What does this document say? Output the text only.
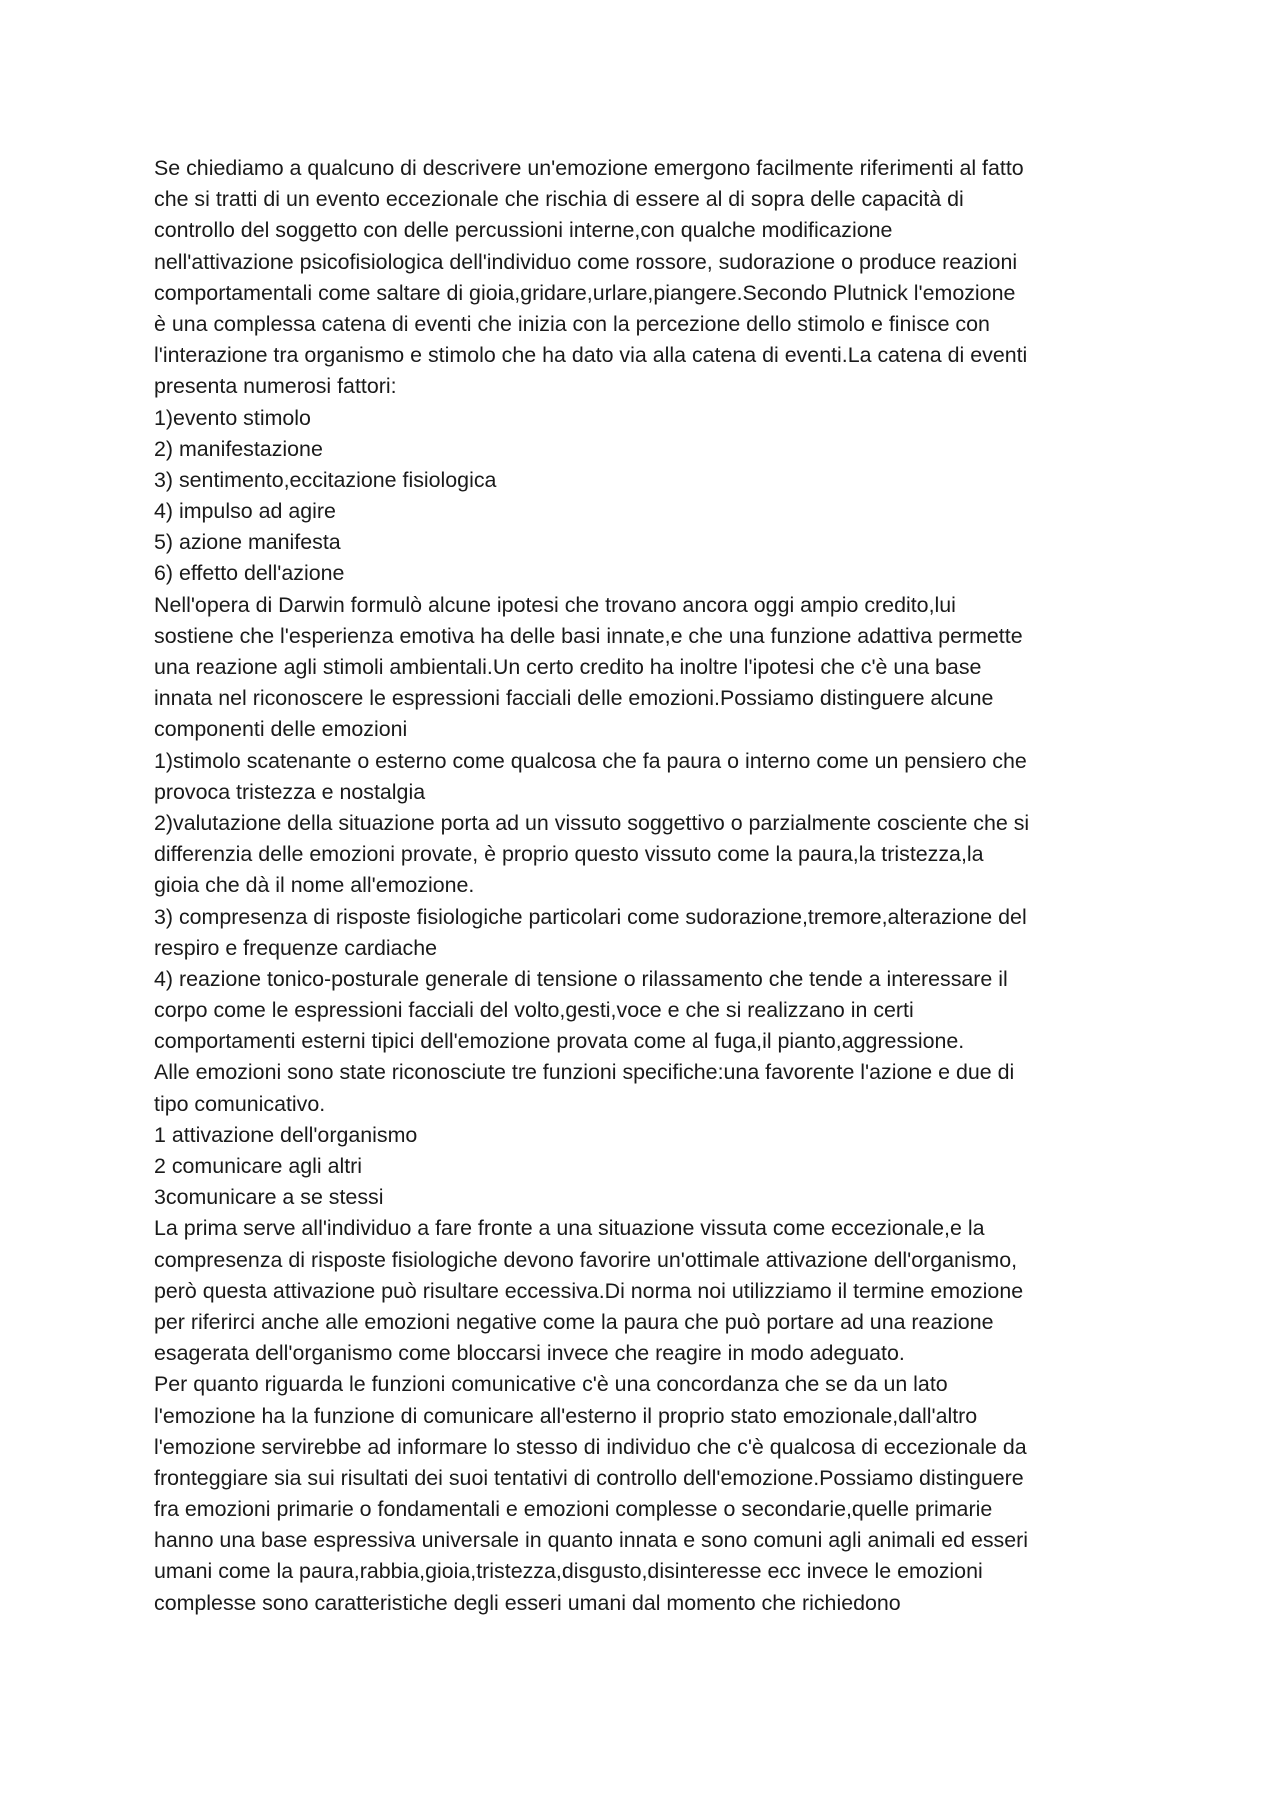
Se chiediamo a qualcuno di descrivere un'emozione emergono facilmente riferimenti al fatto
che si tratti di un evento eccezionale che rischia di essere al di sopra delle capacità di
controllo del soggetto con delle percussioni interne,con qualche modificazione
nell'attivazione psicofisiologica dell'individuo come rossore, sudorazione o produce reazioni
comportamentali come saltare di gioia,gridare,urlare,piangere.Secondo Plutnick l'emozione
è una complessa catena di eventi che inizia con la percezione dello stimolo e finisce con
l'interazione tra organismo e stimolo che ha dato via alla catena di eventi.La catena di eventi
presenta numerosi fattori:
1)evento stimolo
2) manifestazione
3) sentimento,eccitazione fisiologica
4) impulso ad agire
5) azione manifesta
6) effetto dell'azione
Nell'opera di Darwin formulò alcune ipotesi che trovano ancora oggi ampio credito,lui
sostiene che l'esperienza emotiva ha delle basi innate,e che una funzione adattiva permette
una reazione agli stimoli ambientali.Un certo credito ha inoltre l'ipotesi che c'è una base
innata nel riconoscere le espressioni facciali delle emozioni.Possiamo distinguere alcune
componenti delle emozioni
1)stimolo scatenante o esterno come qualcosa che fa paura o interno come un pensiero che
provoca tristezza e nostalgia
2)valutazione della situazione porta ad un vissuto soggettivo o parzialmente cosciente che si
differenzia delle emozioni provate, è proprio questo vissuto come la paura,la tristezza,la
gioia che dà il nome all'emozione.
3) compresenza di risposte fisiologiche particolari come sudorazione,tremore,alterazione del
respiro e frequenze cardiache
4) reazione tonico-posturale generale di tensione o rilassamento che tende a interessare il
corpo come le espressioni facciali del volto,gesti,voce e che si realizzano in certi
comportamenti esterni tipici dell'emozione provata come al fuga,il pianto,aggressione.
Alle emozioni sono state riconosciute tre funzioni specifiche:una favorente l'azione e due di
tipo comunicativo.
1 attivazione dell'organismo
2 comunicare agli altri
3comunicare a se stessi
La prima serve all'individuo a fare fronte a una situazione vissuta come eccezionale,e la
compresenza di risposte fisiologiche devono favorire un'ottimale attivazione dell'organismo,
però questa attivazione può risultare eccessiva.Di norma noi utilizziamo il termine emozione
per riferirci anche alle emozioni negative come la paura che può portare ad una reazione
esagerata dell'organismo come bloccarsi invece che reagire in modo adeguato.
Per quanto riguarda le funzioni comunicative c'è una concordanza che se da un lato
l'emozione ha la funzione di comunicare all'esterno il proprio stato emozionale,dall'altro
l'emozione servirebbe ad informare lo stesso di individuo che c'è qualcosa di eccezionale da
fronteggiare sia sui risultati dei suoi tentativi di controllo dell'emozione.Possiamo distinguere
fra emozioni primarie o fondamentali e emozioni complesse o secondarie,quelle primarie
hanno una base espressiva universale in quanto innata e sono comuni agli animali ed esseri
umani come la paura,rabbia,gioia,tristezza,disgusto,disinteresse ecc invece le emozioni
complesse sono caratteristiche degli esseri umani dal momento che richiedono
